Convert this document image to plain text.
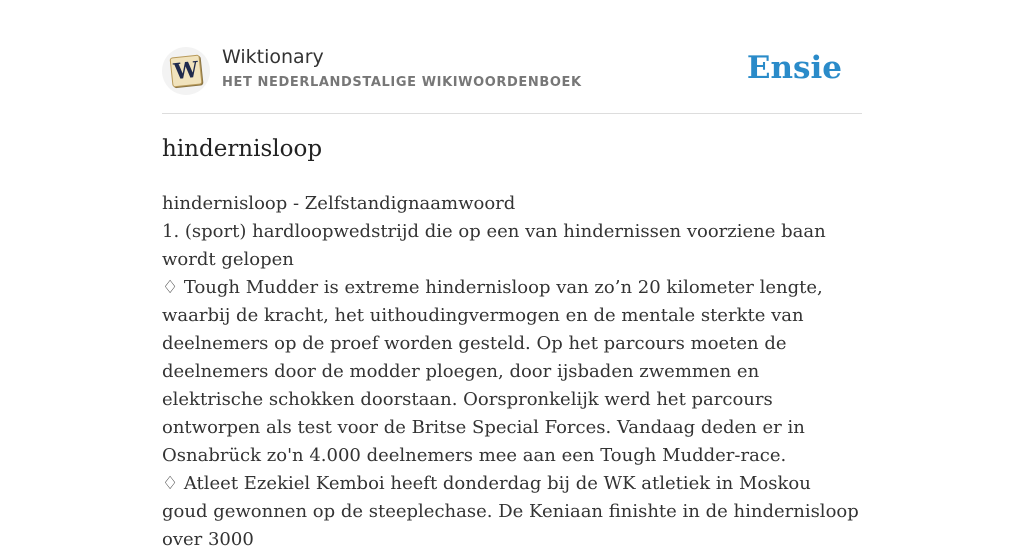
W Wiktionary
HET NEDERLANDSTALIGE WIKIWOORDENBOEK	Ensie
hindernisloop

hindernisloop - Zelfstandignaamwoord

1. (sport) hardloopwedstrijd die op een van hindernissen voorziene baan wordt gelopen

♢ Tough Mudder is extreme hindernisloop van zo’n 20 kilometer lengte, waarbij de kracht, het uithoudingvermogen en de mentale sterkte van deelnemers op de proef worden gesteld. Op het parcours moeten de deelnemers door de modder ploegen, door ijsbaden zwemmen en elektrische schokken doorstaan. Oorspronkelijk werd het parcours ontworpen als test voor de Britse Special Forces. Vandaag deden er in Osnabrück zo'n 4.000 deelnemers mee aan een Tough Mudder-race.

♢ Atleet Ezekiel Kemboi heeft donderdag bij de WK atletiek in Moskou goud gewonnen op de steeplechase. De Keniaan finishte in de hindernisloop over 3000
